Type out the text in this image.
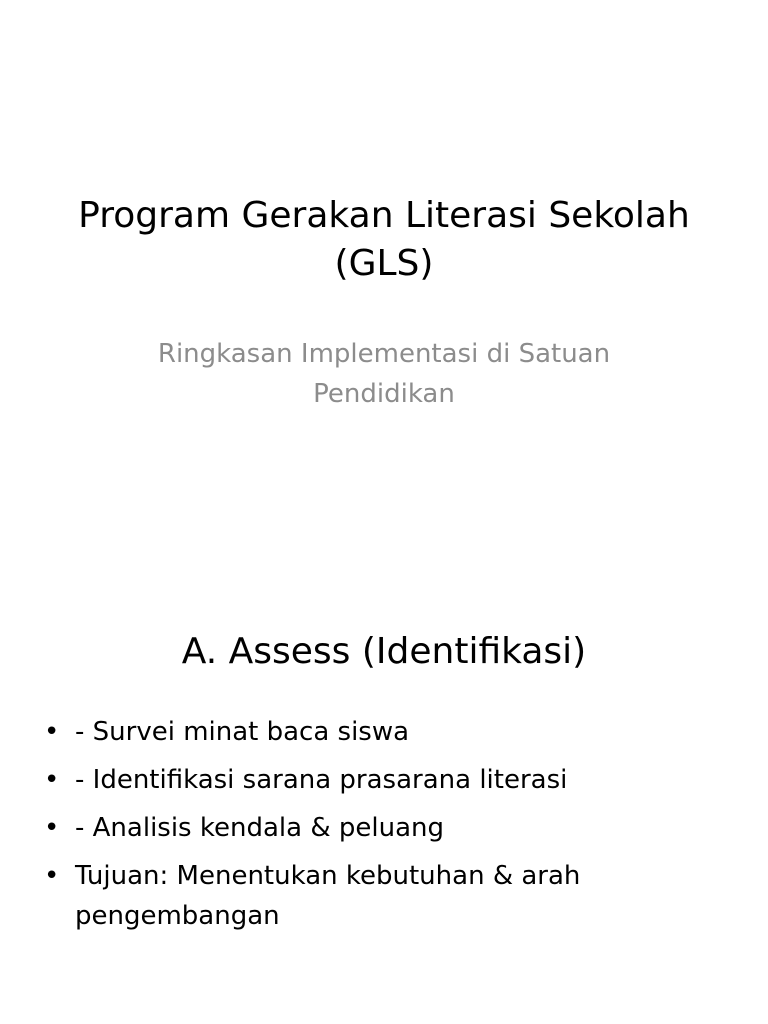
Program Gerakan Literasi Sekolah (GLS)

Ringkasan Implementasi di Satuan Pendidikan

A. Assess (Identifikasi)
• - Survei minat baca siswa
• - Identifikasi sarana prasarana literasi
• - Analisis kendala & peluang
• Tujuan: Menentukan kebutuhan & arah pengembangan
